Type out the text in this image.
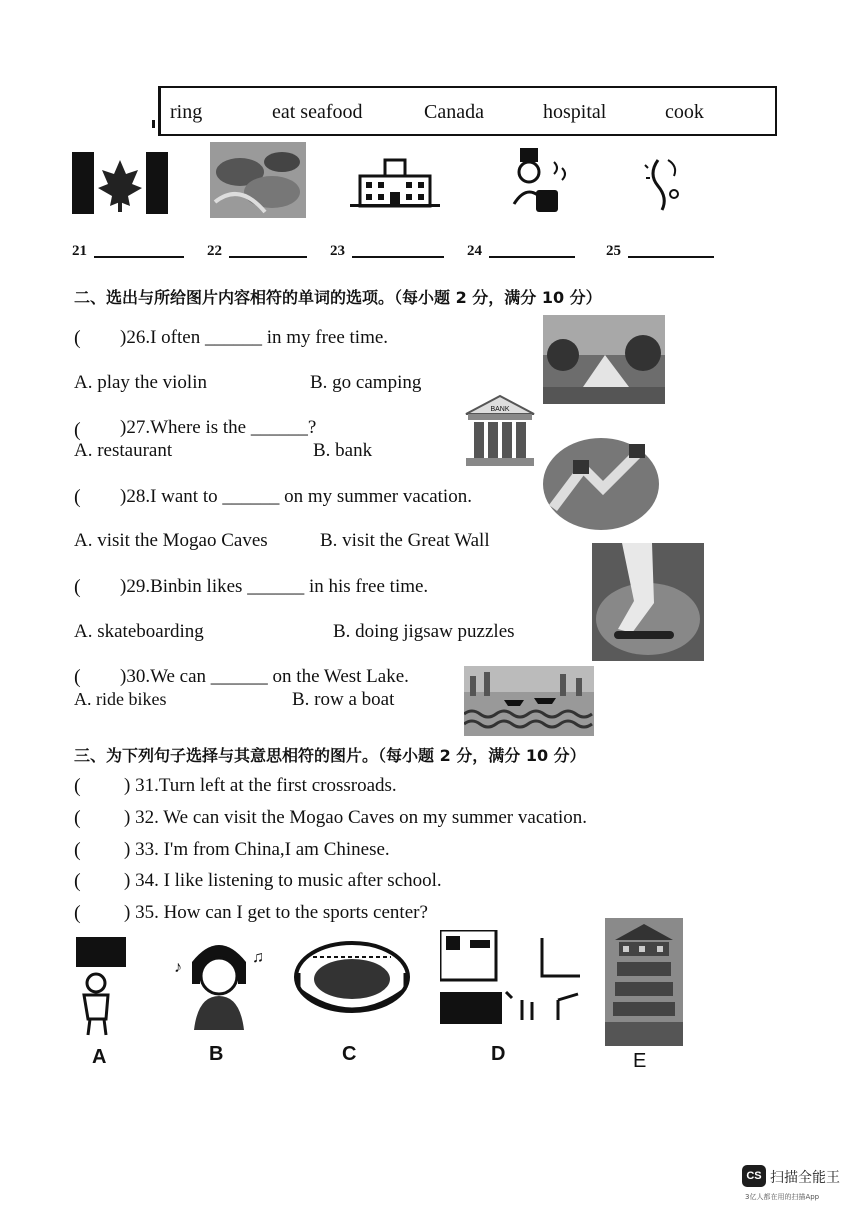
ring	eat seafood	Canada	hospital	cook
21	22	23	24	25
二、选出与所给图片内容相符的单词的选项。（每小题 2 分，满分 10 分）
( )26.I often ______ in my free time.
A. play the violin	B. go camping
( )27.Where is the ______?
A. restaurant	B. bank
BANK
( )28.I want to ______ on my summer vacation.
A. visit the Mogao Caves	B. visit the Great Wall
( )29.Binbin likes ______ in his free time.
A. skateboarding	B. doing jigsaw puzzles
( )30.We can ______ on the West Lake.
A. ride bikes	B. row a boat
三、为下列句子选择与其意思相符的图片。（每小题 2 分，满分 10 分）
( ) 31.Turn left at the first crossroads.
( ) 32. We can visit the Mogao Caves on my summer vacation.
( ) 33. I'm from China,I am Chinese.
( ) 34. I like listening to music after school.
( ) 35. How can I get to the sports center?
♪
♫
A	B	C	D	E
CS 扫描全能王
3亿人都在用的扫描App
